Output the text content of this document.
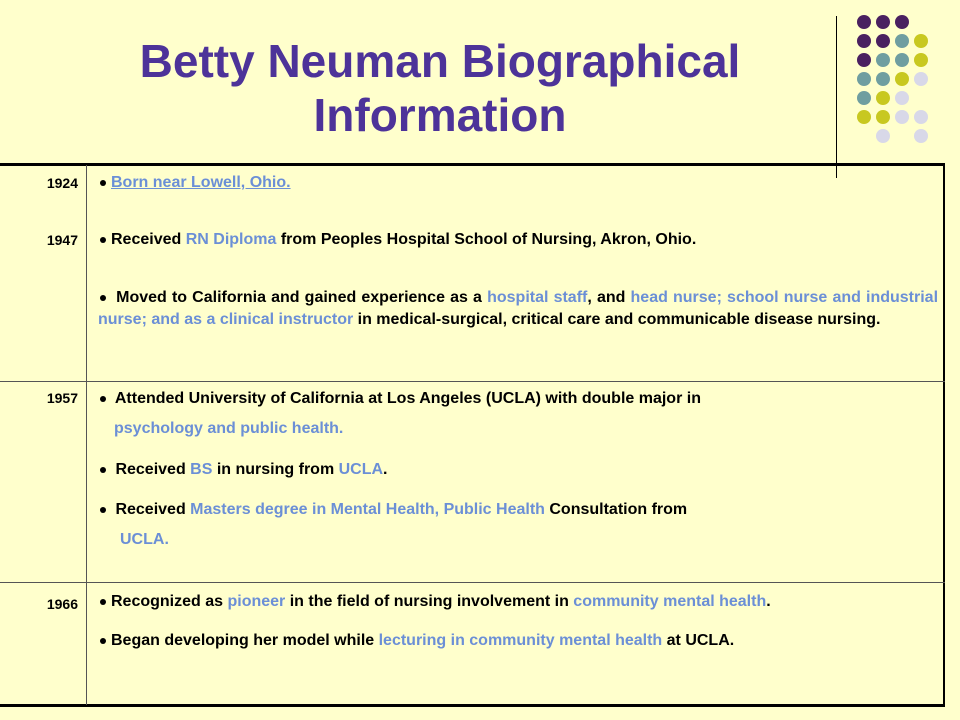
Betty Neuman Biographical
Information
1924
1947
Born near Lowell, Ohio.
Received RN Diploma from Peoples Hospital School of Nursing, Akron, Ohio.
Moved to California and gained experience as a hospital staff, and head nurse; school nurse and industrial nurse; and as a clinical instructor in medical-surgical, critical care and communicable disease nursing.
1957	Attended University of California at Los Angeles (UCLA) with double major in
psychology and public health.
Received BS in nursing from UCLA.
Received Masters degree in Mental Health, Public Health Consultation from
UCLA.
1966	Recognized as pioneer in the field of nursing involvement in community mental health.
Began developing her model while lecturing in community mental health at UCLA.
